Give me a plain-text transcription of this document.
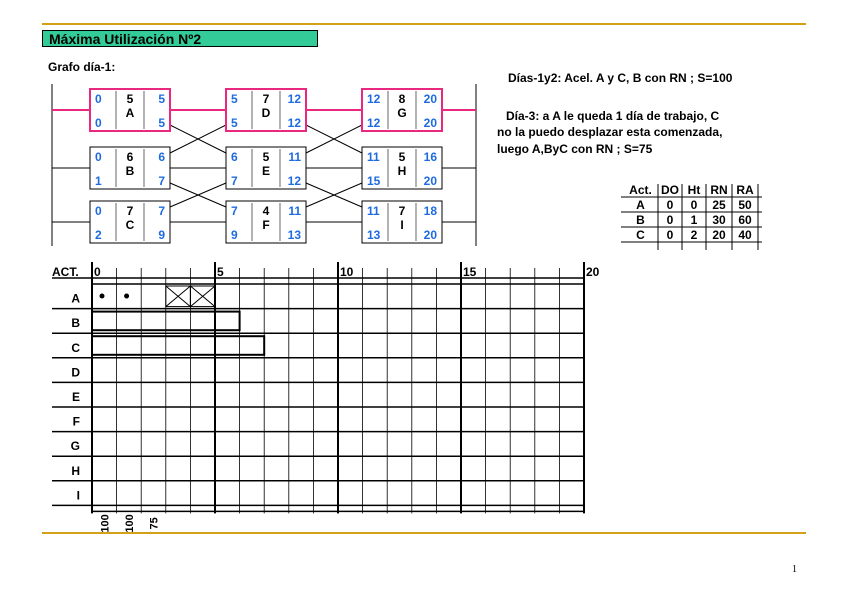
Máxima Utilización Nº2
Grafo día-1:
Días-1y2: Acel. A y C, B con RN ; S=100
Día-3: a A le queda 1 día de trabajo, C
no la puedo desplazar esta comenzada,
luego A,ByC con RN ; S=75
1
0 5 5
A
0	5
0 6 6
B
1	7
0 7 7
C
2	9
5 7 12
D
5	12
6 5 11
E
7	12
7 4 11
F
9	13
12 8 20
G
12	20
11 5 16
H
15	20
11 7 18
I
13	20
Act. DO Ht RN RA
A 0 0 25 50
B 0 1 30 60
C 0 2 20 40
ACT. 0	5	10	15	20
A
B
C
D
E
F
G
H
I
100 100 75
